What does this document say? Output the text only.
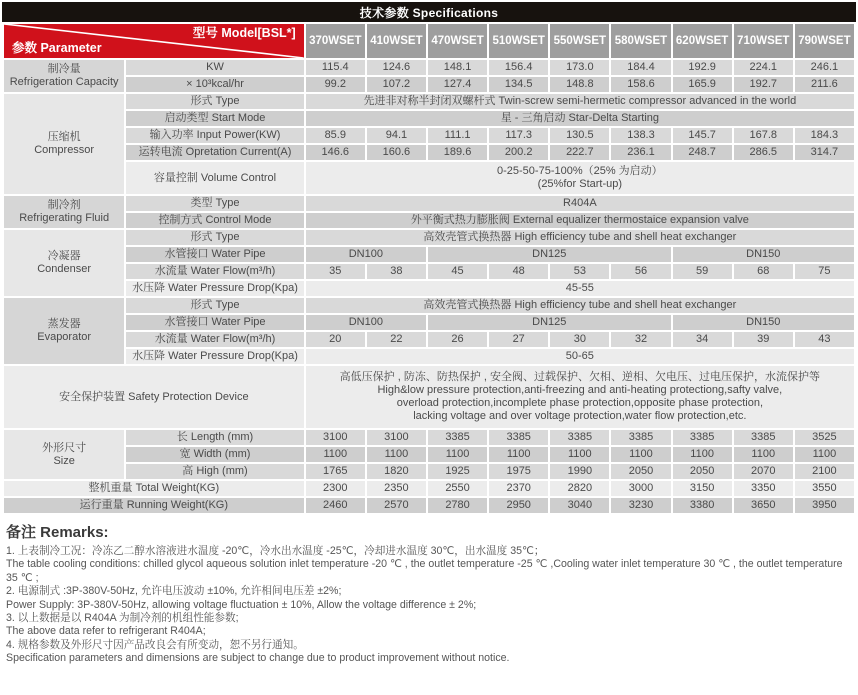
技术参数 Specifications
参数 Parameter
型号 Model[BSL*]		370WSET	410WSET	470WSET	510WSET	550WSET	580WSET	620WSET	710WSET	790WSET

制冷量
Refrigeration Capacity	KW	115.4	124.6	148.1	156.4	173.0	184.4	192.9	224.1	246.1
	× 10³kcal/hr	99.2	107.2	127.4	134.5	148.8	158.6	165.9	192.7	211.6

压缩机
Compressor	形式 Type	先进非对称半封闭双螺杆式 Twin-screw semi-hermetic compressor advanced in the world								
	启动类型 Start Mode	星 - 三角启动 Star-Delta Starting								
	输入功率 Input Power(KW)	85.9	94.1	111.1	117.3	130.5	138.3	145.7	167.8	184.3
	运转电流 Opretation Current(A)	146.6	160.6	189.6	200.2	222.7	236.1	248.7	286.5	314.7
	容量控制 Volume Control	0-25-50-75-100%（25% 为启动）
(25%for Start-up)								

制冷剂
Refrigerating Fluid	类型 Type	R404A								
	控制方式 Control Mode	外平衡式热力膨胀阀 External equalizer thermostaice expansion valve								

冷凝器
Condenser	形式 Type	高效壳管式换热器 High efficiency tube and shell heat exchanger								
	水管接口 Water Pipe	DN100		DN125				DN150		
	水流量 Water Flow(m³/h)	35	38	45	48	53	56	59	68	75
	水压降 Water Pressure Drop(Kpa)	45-55								

蒸发器
Evaporator	形式 Type	高效壳管式换热器 High efficiency tube and shell heat exchanger								
	水管接口 Water Pipe	DN100		DN125				DN150		
	水流量 Water Flow(m³/h)	20	22	26	27	30	32	34	39	43
	水压降 Water Pressure Drop(Kpa)	50-65								
安全保护装置 Safety Protection Device		高低压保护 , 防冻、防热保护 , 安全阀、过载保护、欠相、逆相、欠电压、过电压保护，水流保护等
High&low pressure protection,anti-freezing and anti-heating protectiong,safty valve,
overload protection,incomplete phase protection,opposite phase protection,
lacking voltage and over voltage protection,water flow protection,etc.								

外形尺寸
Size	长 Length (mm)	3100	3100	3385	3385	3385	3385	3385	3385	3525
	宽 Width (mm)	1100	1100	1100	1100	1100	1100	1100	1100	1100
	高 High (mm)	1765	1820	1925	1975	1990	2050	2050	2070	2100
整机重量 Total Weight(KG)		2300	2350	2550	2370	2820	3000	3150	3350	3550
运行重量 Running Weight(KG)		2460	2570	2780	2950	3040	3230	3380	3650	3950
备注 Remarks:

1. 上表制冷工况：冷冻乙二醇水溶液进水温度 -20℃，冷水出水温度 -25℃，冷却进水温度 30℃，出水温度 35℃；

The table cooling conditions: chilled glycol aqueous solution inlet temperature -20 ℃ , the outlet temperature -25 ℃ ,Cooling water inlet temperature 30 ℃ , the outlet temperature 35 ℃ ;

2. 电源制式 :3P-380V-50Hz, 允许电压波动 ±10%, 允许相间电压差 ±2%;

Power Supply: 3P-380V-50Hz, allowing voltage fluctuation ± 10%, Allow the voltage difference ± 2%;

3. 以上数据是以 R404A 为制冷剂的机组性能参数;

The above data refer to refrigerant R404A;

4. 规格参数及外形尺寸因产品改良会有所变动，恕不另行通知。

Specification parameters and dimensions are subject to change due to product improvement without notice.
